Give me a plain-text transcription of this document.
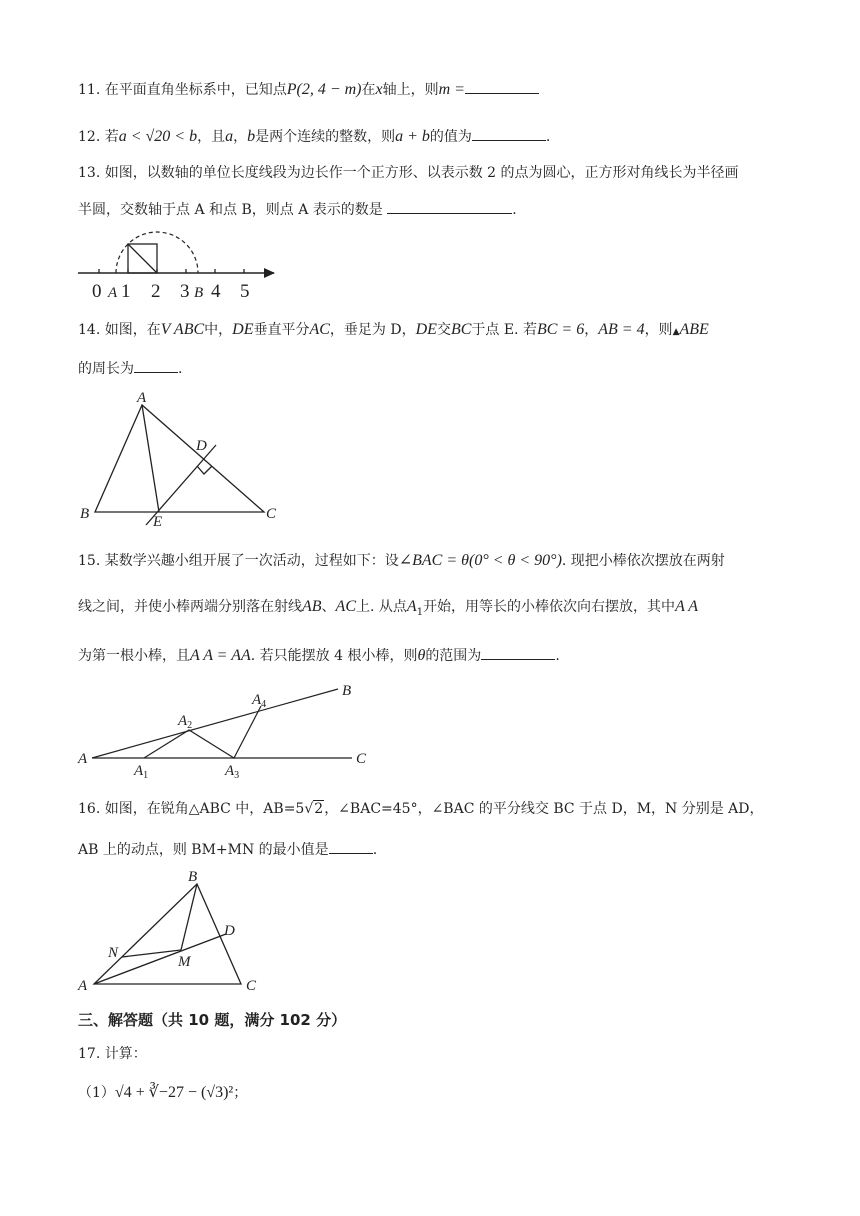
11. 在平面直角坐标系中，已知点P(2, 4 − m)在x轴上，则m =
12. 若a < √20 < b，且a，b是两个连续的整数，则a + b的值为	.
13. 如图，以数轴的单位长度线段为边长作一个正方形、以表示数 2 的点为圆心，正方形对角线长为半径画
半圆，交数轴于点 A 和点 B，则点 A 表示的数是	.
0 A 1 2 3 B 4 5
14. 如图，在V ABC中，DE垂直平分AC，垂足为 D，DE交BC于点 E. 若BC = 6，AB = 4，则▲ABE
的周长为	.
A
B	C
D
E
15. 某数学兴趣小组开展了一次活动，过程如下：设∠BAC = θ(0° < θ < 90°). 现把小棒依次摆放在两射
线之间，并使小棒两端分别落在射线AB、AC上. 从点$A_1$开始，用等长的小棒依次向右摆放，其中A A
为第一根小棒，且A A = AA. 若只能摆放 4 根小棒，则θ的范围为	.
A
B
C
$A_1$
$A_2$
$A_3$
$A_4$
16. 如图，在锐角△ABC 中，AB=5√2，∠BAC=45°，∠BAC 的平分线交 BC 于点 D，M，N 分别是 AD，
AB 上的动点，则 BM+MN 的最小值是	.
B
A	C
D
M
N
三、解答题（共 10 题，满分 102 分）
17. 计算：
（1）√4 + ∛−27 − (√3)²；
